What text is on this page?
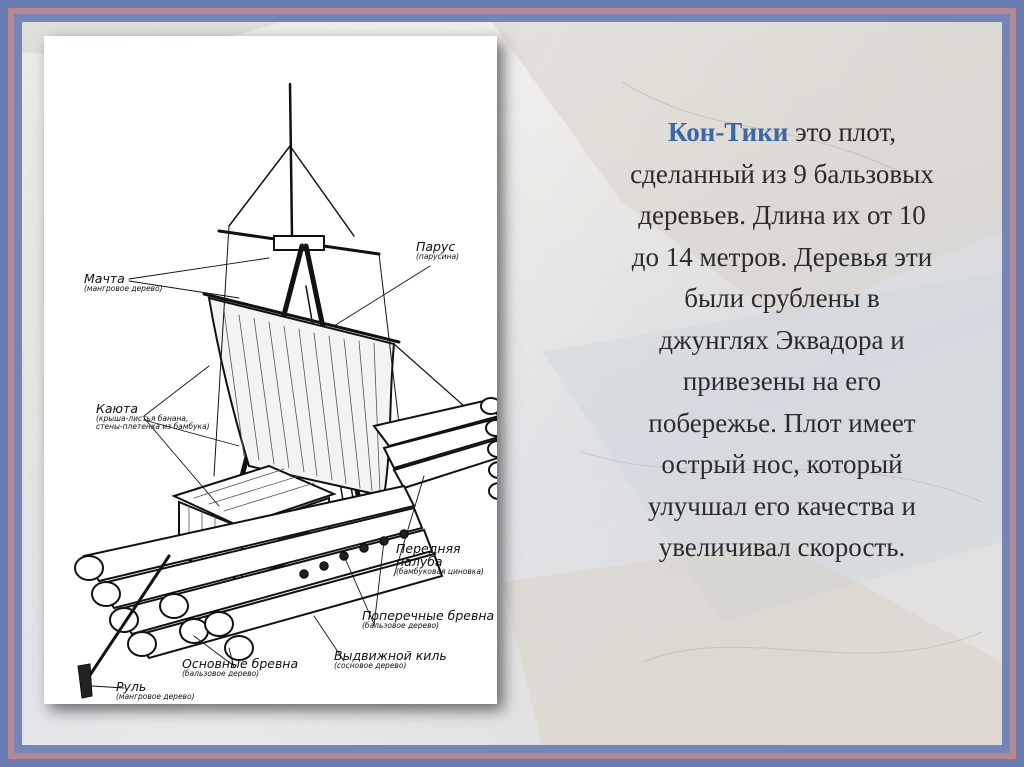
Мачта
(мангровое дерево)
Парус
(парусина)
Каюта
(крыша-листья банана,
стены-плетенка из бамбука)
Передняя
палуба
(бамбуковая циновка)
Поперечные бревна
(бальзовое дерево)
Основные бревна
(бальзовое дерево)
Выдвижной киль
(сосновое дерево)
Руль
(мангровое дерево)
Кон-Тики это плот,
сделанный из 9 бальзовых
деревьев. Длина их от 10
до 14 метров. Деревья эти
были срублены в
джунглях Эквадора и
привезены на его
побережье. Плот имеет
острый нос, который
улучшал его качества и
увеличивал скорость.
